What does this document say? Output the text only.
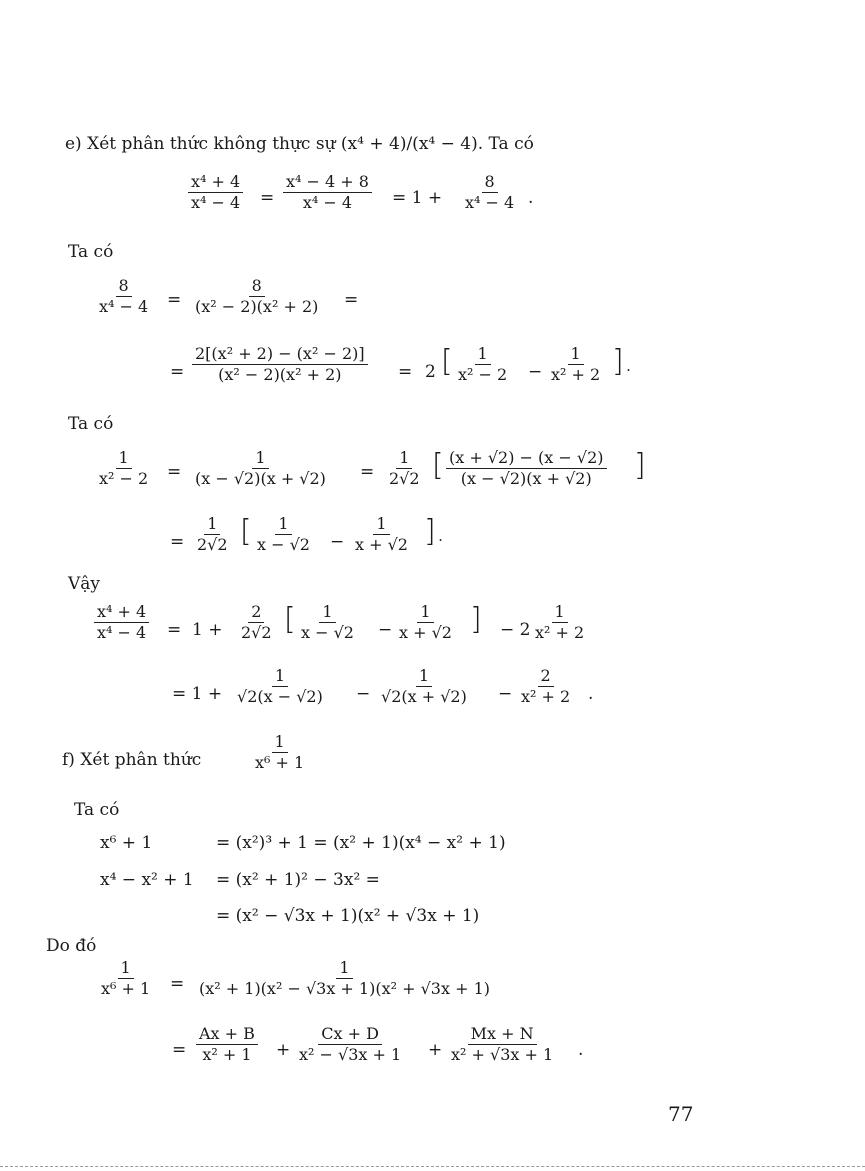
e) Xét phân thức không thực sự (x⁴ + 4)/(x⁴ − 4). Ta có
$\frac{\text{x⁴ + 4}}{\text{x⁴ − 4}} = \frac{\text{x⁴ − 4 + 8}}{\text{x⁴ − 4}} = 1 + \frac{8}{\text{x⁴ − 4}}$ .
Ta có
$\frac{8}{\text{x⁴ − 4}} = \frac{8}{\text{(x² − 2)(x² + 2)}}$ =
= $\frac{\text{2[(x² + 2) − (x² − 2)]}}{\text{(x² − 2)(x² + 2)}} = 2$ [ $\frac{1}{\text{x² − 2}} - \frac{1}{\text{x² + 2}}$ ].
Ta có
$\frac{1}{\text{x² − 2}} = \frac{1}{(x - √2)(x + √2)} = \frac{1}{2√2}$ [ $\frac{(x + √2) - (x - √2)}{(x - √2)(x + √2)}$ ]
= $\frac{1}{2√2}$ [ $\frac{1}{x - √2} - \frac{1}{x + √2}$ ].
Vậy
$\frac{\text{x⁴ + 4}}{\text{x⁴ − 4}} = 1 + \frac{2}{2√2}$ [ $\frac{1}{x - √2} - \frac{1}{x + √2}$ ] − $2 \frac{1}{\text{x² + 2}}$
= $1 + \frac{1}{√2(x - √2)} - \frac{1}{√2(x + √2)} - \frac{2}{\text{x² + 2}}$ .
f) Xét phân thức	$\frac{1}{\text{x⁶ + 1}}$
Ta có
x⁶ + 1	= (x²)³ + 1 = (x² + 1)(x⁴ − x² + 1)
x⁴ − x² + 1 = (x² + 1)² − 3x² =
= (x² − √3x + 1)(x² + √3x + 1)
Do đó
$\frac{1}{\text{x⁶ + 1}} = \frac{1}{\text{(x² + 1)(x² − √3x + 1)(x² + √3x + 1)}}$
= $\frac{Ax + B}{\text{x² + 1}} + \frac{Cx + D}{\text{x² − √3x + 1}} + \frac{Mx + N}{\text{x² + √3x + 1}}$ .
77
